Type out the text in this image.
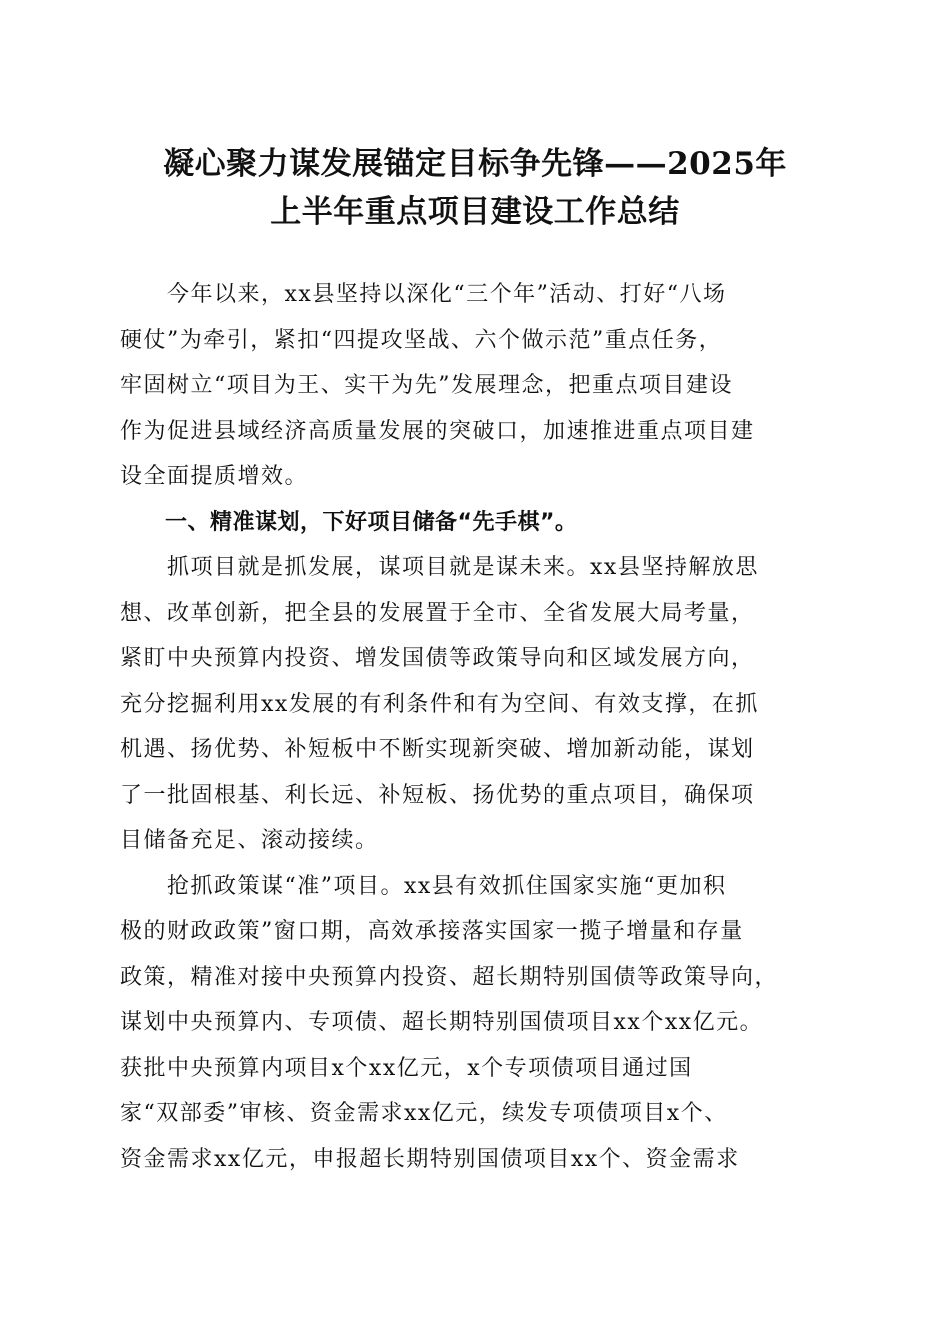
凝心聚力谋发展锚定目标争先锋——2025年
上半年重点项目建设工作总结

　　今年以来，xx县坚持以深化“三个年”活动、打好“八场
硬仗”为牵引，紧扣“四提攻坚战、六个做示范”重点任务，
牢固树立“项目为王、实干为先”发展理念，把重点项目建设
作为促进县域经济高质量发展的突破口，加速推进重点项目建
设全面提质增效。

　　一、精准谋划，下好项目储备“先手棋”。

　　抓项目就是抓发展，谋项目就是谋未来。xx县坚持解放思
想、改革创新，把全县的发展置于全市、全省发展大局考量，
紧盯中央预算内投资、增发国债等政策导向和区域发展方向，
充分挖掘利用xx发展的有利条件和有为空间、有效支撑，在抓
机遇、扬优势、补短板中不断实现新突破、增加新动能，谋划
了一批固根基、利长远、补短板、扬优势的重点项目，确保项
目储备充足、滚动接续。

　　抢抓政策谋“准”项目。xx县有效抓住国家实施“更加积
极的财政政策”窗口期，高效承接落实国家一揽子增量和存量
政策，精准对接中央预算内投资、超长期特别国债等政策导向，
谋划中央预算内、专项债、超长期特别国债项目xx个xx亿元。
获批中央预算内项目x个xx亿元，x个专项债项目通过国
家“双部委”审核、资金需求xx亿元，续发专项债项目x个、
资金需求xx亿元，申报超长期特别国债项目xx个、资金需求
